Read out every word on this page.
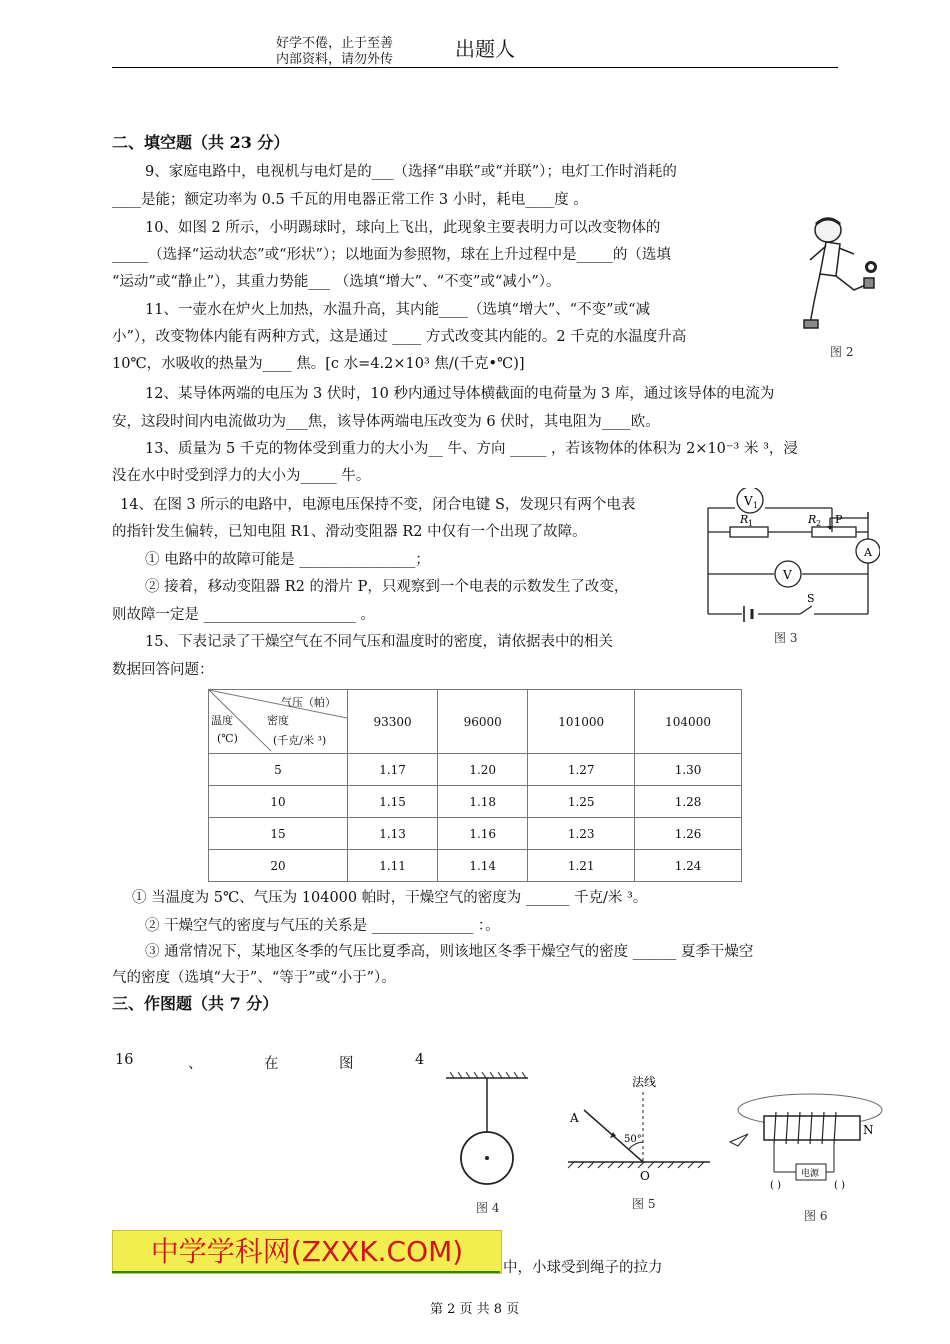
好学不倦，止于至善
内部资料，请勿外传	出题人
二、填空题（共 23 分）
9、家庭电路中，电视机与电灯是的___（选择“串联”或“并联”）；电灯工作时消耗的
____是能；额定功率为 0.5 千瓦的用电器正常工作 3 小时，耗电____度 。
10、如图 2 所示，小明踢球时，球向上飞出，此现象主要表明力可以改变物体的
_____（选择“运动状态”或“形状”）；以地面为参照物，球在上升过程中是_____的（选填
“运动”或“静止”），其重力势能___ （选填“增大”、“不变”或“减小”）。
11、一壶水在炉火上加热，水温升高，其内能____（选填“增大”、“不变”或“减
小”），改变物体内能有两种方式，这是通过 ____ 方式改变其内能的。2 千克的水温度升高
10℃，水吸收的热量为____ 焦。[c 水=4.2×10³ 焦/(千克•℃)]
12、某导体两端的电压为 3 伏时，10 秒内通过导体横截面的电荷量为 3 库，通过该导体的电流为
安，这段时间内电流做功为___焦，该导体两端电压改变为 6 伏时，其电阻为____欧。
13、质量为 5 千克的物体受到重力的大小为__ 牛、方向 _____ ，若该物体的体积为 2×10⁻³ 米 ³，浸
没在水中时受到浮力的大小为_____ 牛。
14、在图 3 所示的电路中，电源电压保持不变，闭合电键 S，发现只有两个电表
的指针发生偏转，已知电阻 R1、滑动变阻器 R2 中仅有一个出现了故障。
① 电路中的故障可能是 ________________；
② 接着，移动变阻器 R2 的滑片 P，只观察到一个电表的示数发生了改变，
则故障一定是 _____________________ 。
15、下表记录了干燥空气在不同气压和温度时的密度，请依据表中的相关
数据回答问题：
图 2
V 1
R 1	R 2 P
A
V
S
图 3
气压（帕）
密度
(千克/米 ³)
温度
(℃)	93300	96000	101000	104000
5	1.17	1.20	1.27	1.30
10	1.15	1.18	1.25	1.28
15	1.13	1.16	1.23	1.26
20	1.11	1.14	1.21	1.24
① 当温度为 5℃、气压为 104000 帕时，干燥空气的密度为 ______ 千克/米 ³。
② 干燥空气的密度与气压的关系是 ______________ ：。
③ 通常情况下，某地区冬季的气压比夏季高，则该地区冬季干燥空气的密度 ______ 夏季干燥空
气的密度（选填“大于”、“等于”或“小于”）。
三、作图题（共 7 分）
16	、	在	图	4
图 4
法线
A
50°
O
图 5
N
电源
( )	( )
图 6
中学学科网(ZXXK.COM)	中，小球受到绳子的拉力
第 2 页 共 8 页
